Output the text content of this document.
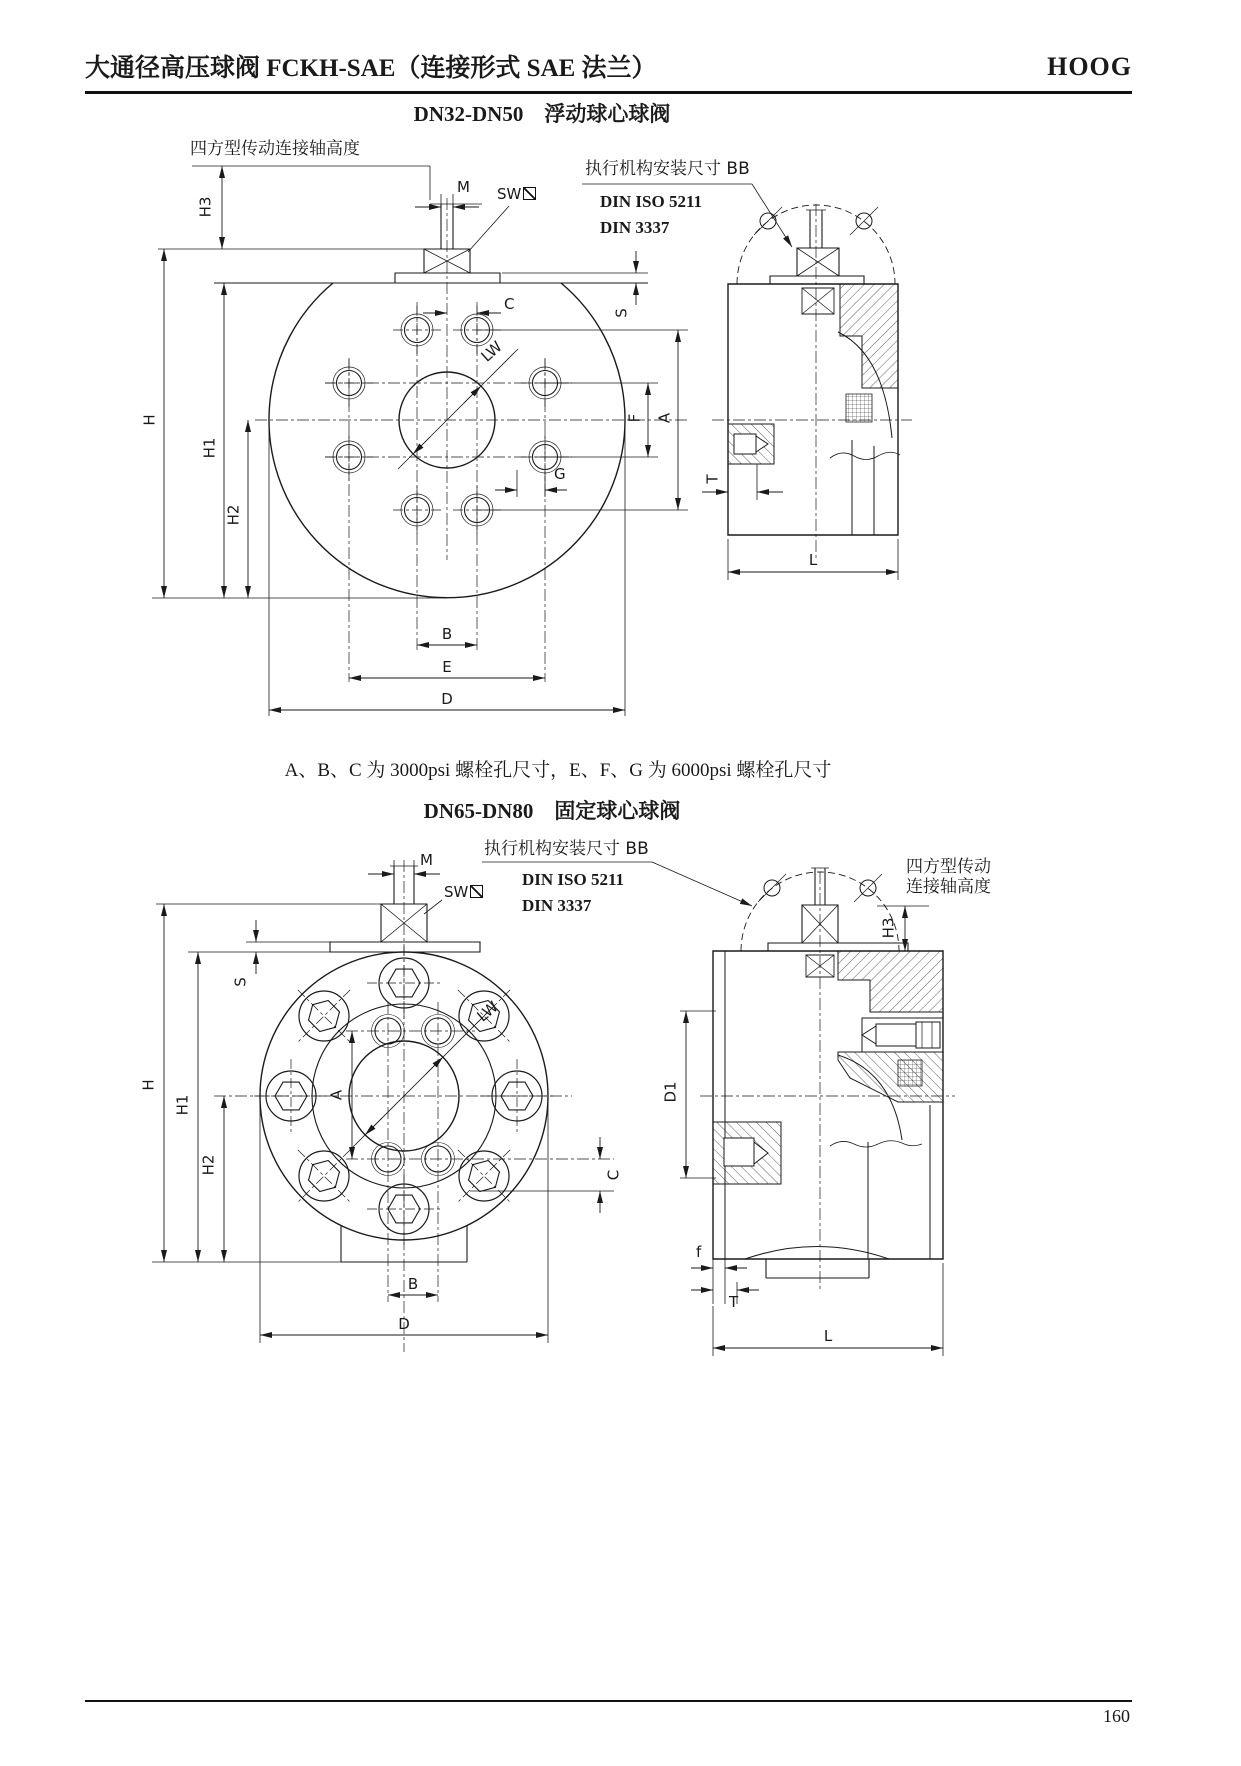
大通径高压球阀 FCKH-SAE（连接形式 SAE 法兰）	HOOG
DN32-DN50　浮动球心球阀
四方型传动连接轴高度
执行机构安装尺寸 BB
DIN ISO 5211
DIN 3337
M SW
H3
H
H1
H2
S
C
LW
F A
G
B
E
D
T
L
A、B、C 为 3000psi 螺栓孔尺寸，E、F、G 为 6000psi 螺栓孔尺寸
DN65-DN80　固定球心球阀
执行机构安装尺寸 BB
DIN ISO 5211
DIN 3337
四方型传动
连接轴高度
M
SW
H3
S
H
H1
H2
A
LW
C
B
D
D1
f
T
L
160
